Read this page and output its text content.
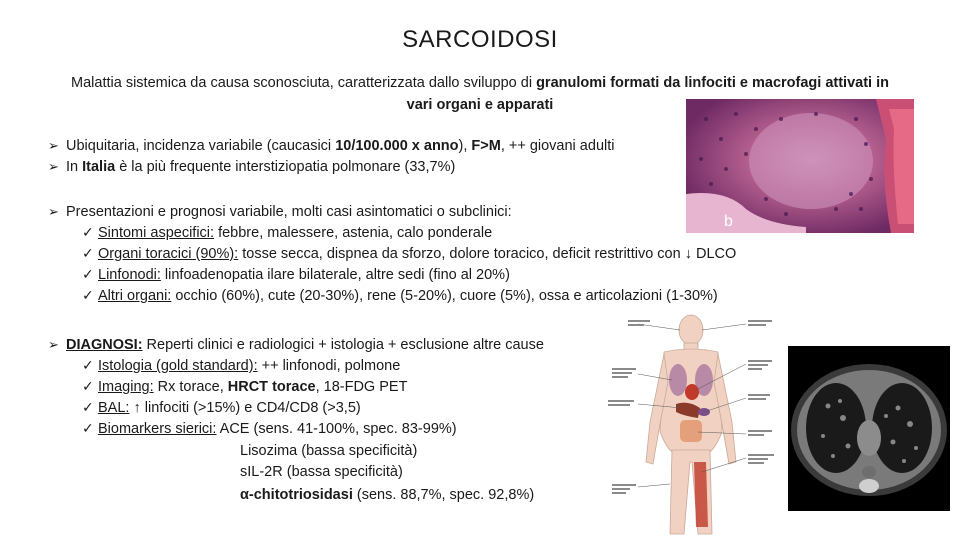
SARCOIDOSI
Malattia sistemica da causa sconosciuta, caratterizzata dallo sviluppo di granulomi formati da linfociti e macrofagi attivati in vari organi e apparati
b
➢ Ubiquitaria, incidenza variabile (caucasici 10/100.000 x anno), F>M, ++ giovani adulti
➢ In Italia è la più frequente interstiziopatia polmonare (33,7%)
➢ Presentazioni e prognosi variabile, molti casi asintomatici o subclinici:
✓ Sintomi aspecifici: febbre, malessere, astenia, calo ponderale
✓ Organi toracici (90%): tosse secca, dispnea da sforzo, dolore toracico, deficit restrittivo con ↓ DLCO
✓ Linfonodi: linfoadenopatia ilare bilaterale, altre sedi (fino al 20%)
✓ Altri organi: occhio (60%), cute (20-30%), rene (5-20%), cuore (5%), ossa e articolazioni (1-30%)
➢ DIAGNOSI: Reperti clinici e radiologici + istologia + esclusione altre cause
✓ Istologia (gold standard): ++ linfonodi, polmone
✓ Imaging: Rx torace, HRCT torace, 18-FDG PET
✓ BAL: ↑ linfociti (>15%) e CD4/CD8 (>3,5)
✓ Biomarkers sierici: ACE (sens. 41-100%, spec. 83-99%)
Lisozima (bassa specificità)
sIL-2R (bassa specificità)
α-chitotriosidasi (sens. 88,7%, spec. 92,8%)
